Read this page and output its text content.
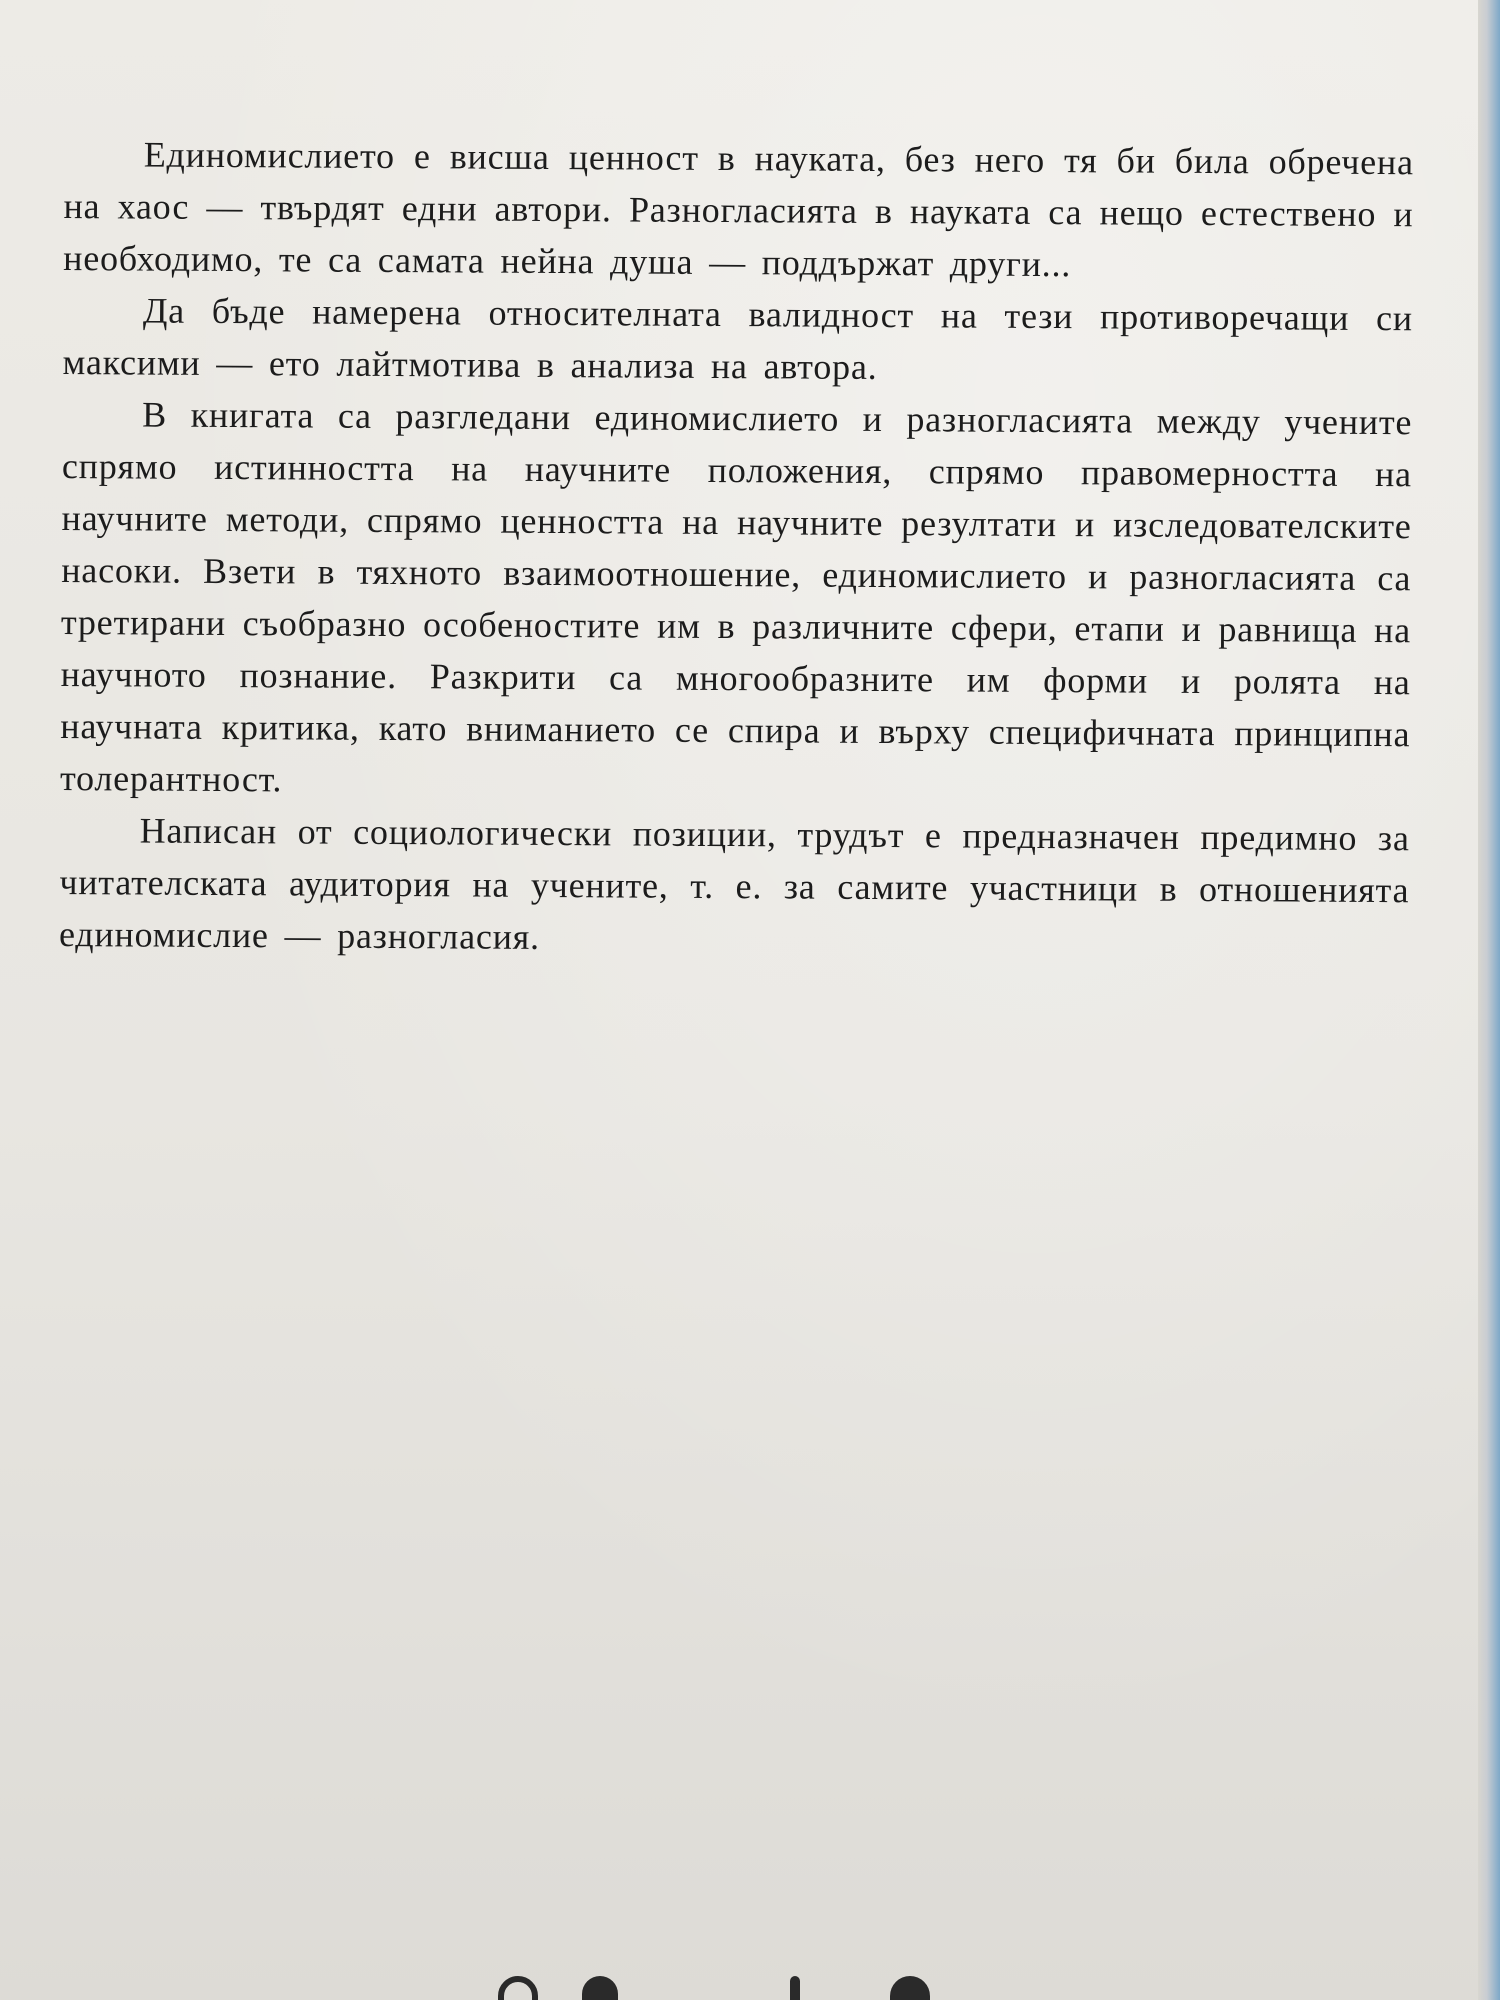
Единомислието е висша ценност в науката, без него тя би била обречена на хаос — твърдят едни автори. Разногласията в науката са нещо естествено и необходимо, те са самата нейна душа — поддържат други...

Да бъде намерена относителната валидност на тези противоречащи си максими — ето лайтмотива в анализа на автора.

В книгата са разгледани единомислието и разногласията между учените спрямо истинността на научните положения, спрямо правомерността на научните методи, спрямо ценността на научните резултати и изследователските насоки. Взети в тяхното взаимоотношение, единомислието и разногласията са третирани съобразно особеностите им в различните сфери, етапи и равнища на научното познание. Разкрити са многообразните им форми и ролята на научната критика, като вниманието се спира и върху специфичната принципна толерантност.

Написан от социологически позиции, трудът е предназначен предимно за читателската аудитория на учените, т. е. за самите участници в отношенията единомислие — разногласия.
